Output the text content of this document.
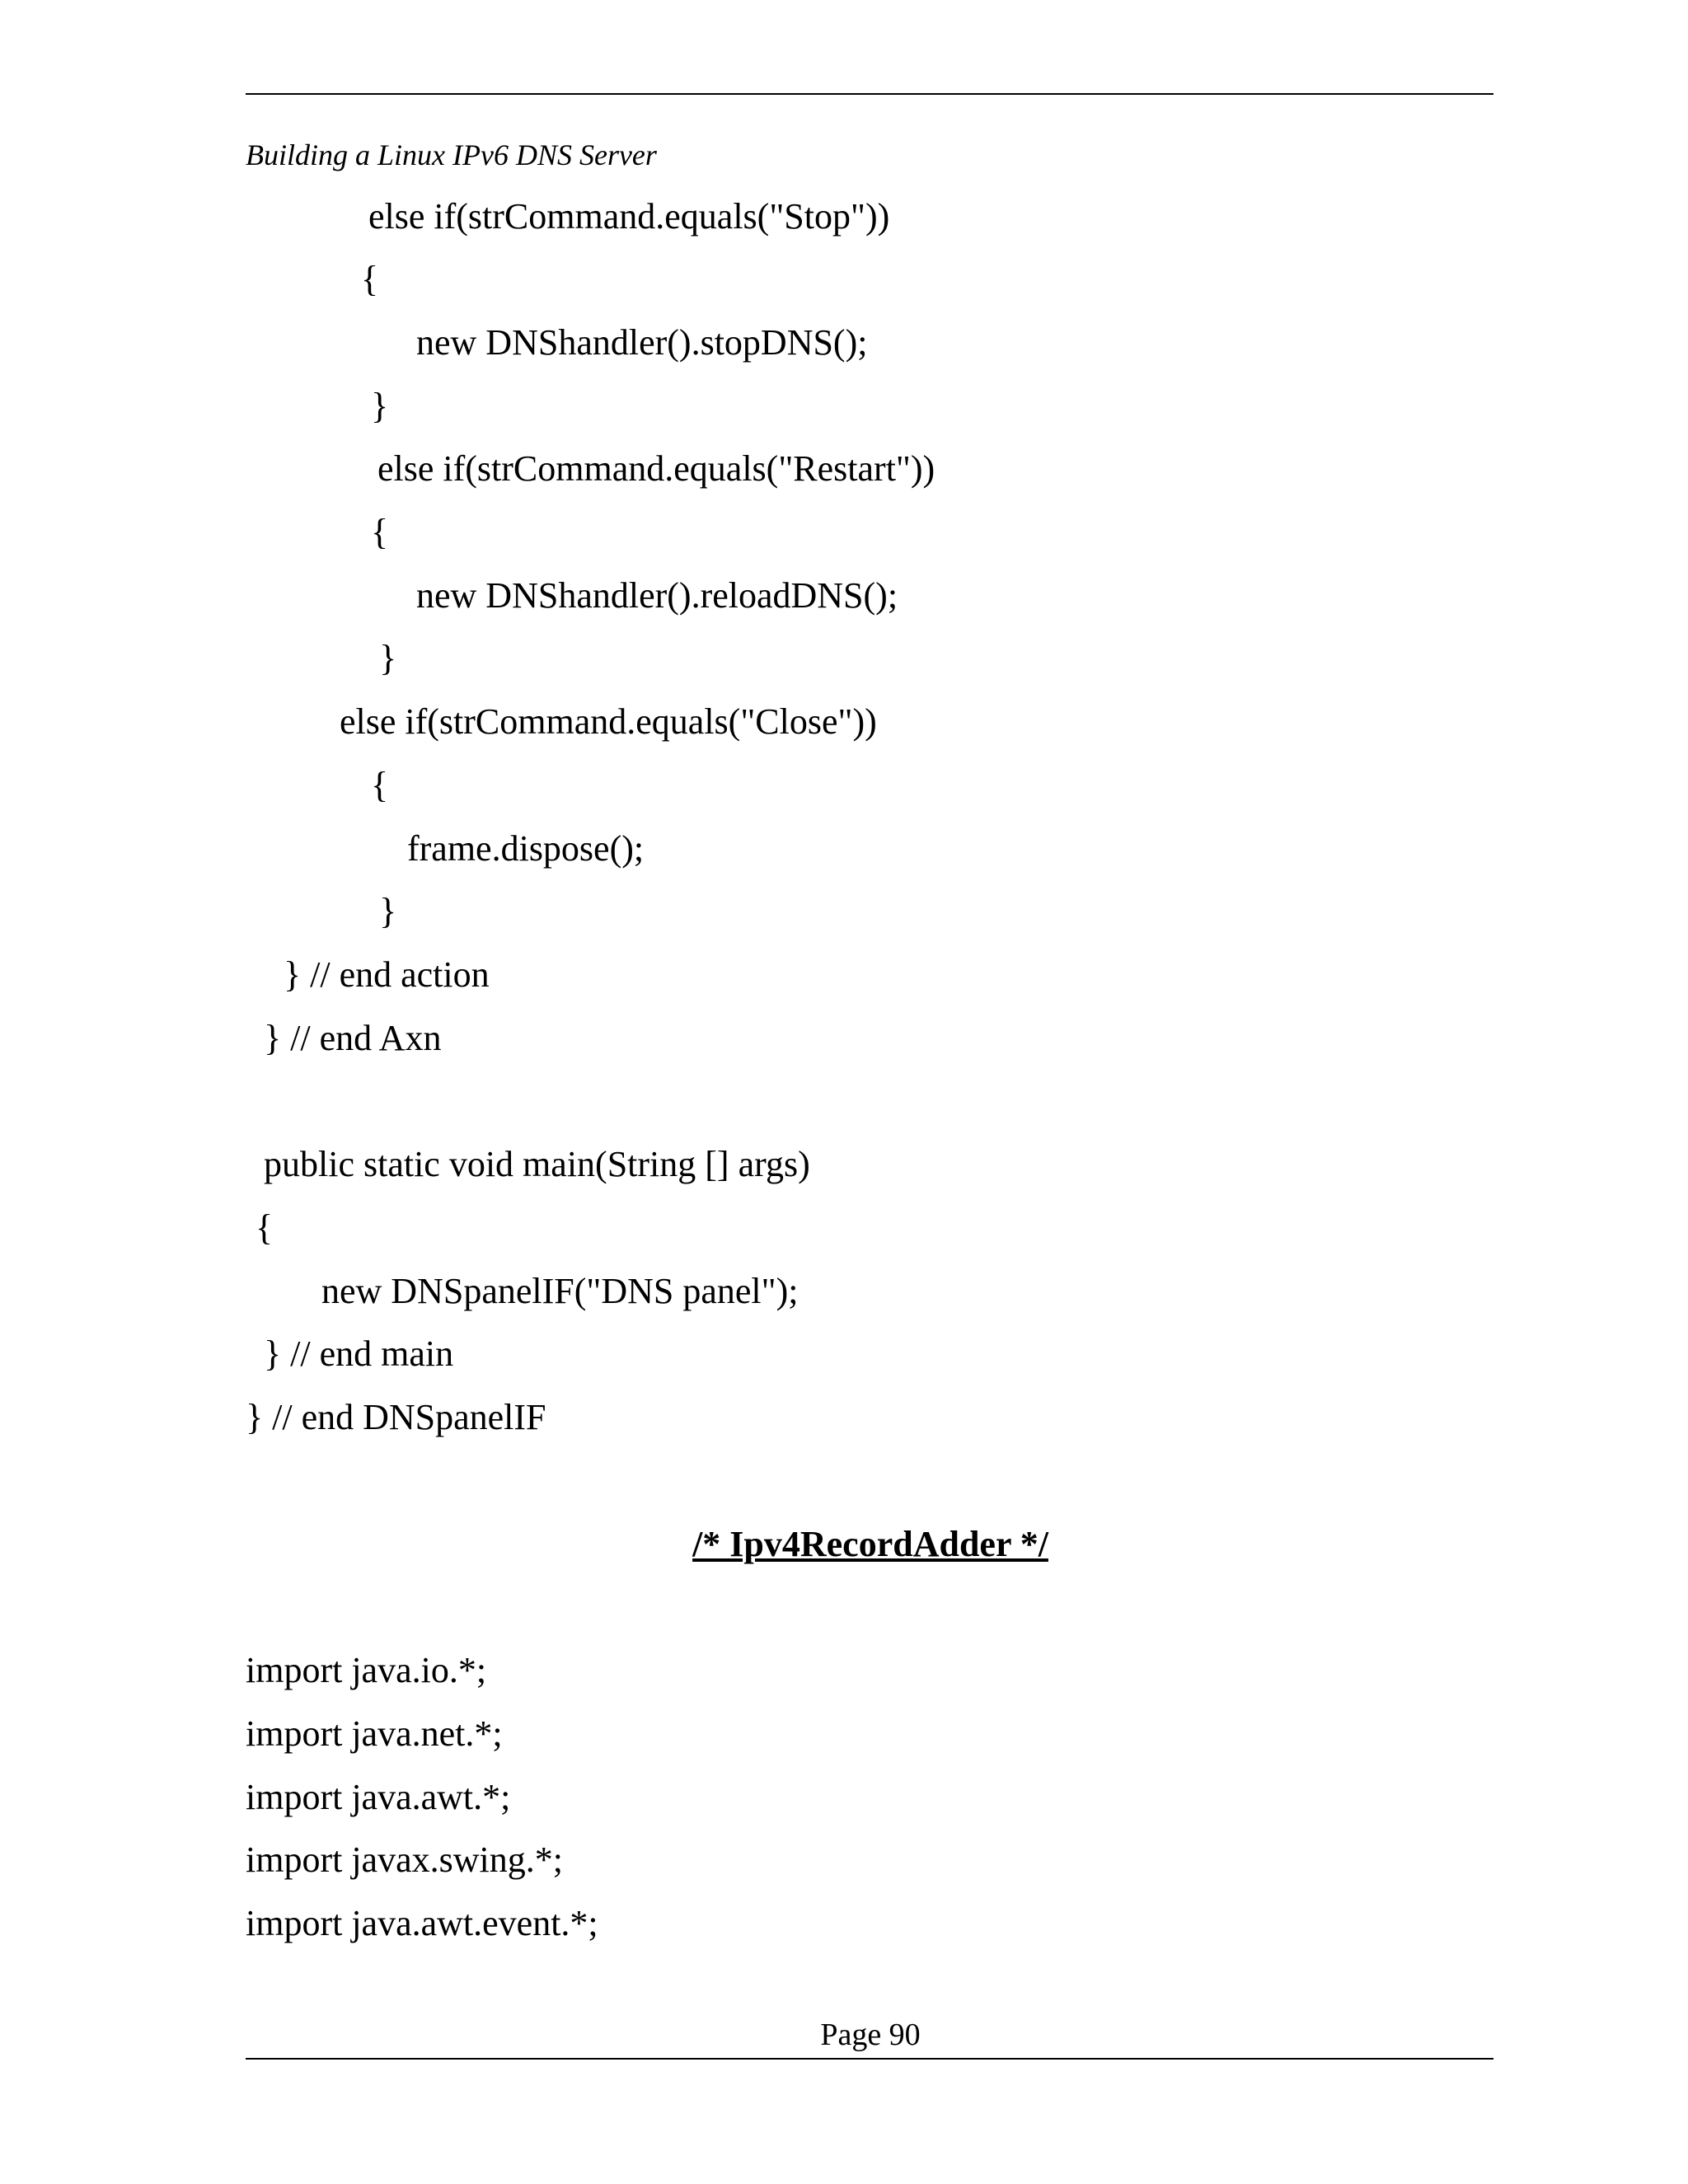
Building a Linux IPv6 DNS Server
else if(strCommand.equals("Stop"))
{
new DNShandler().stopDNS();
}
else if(strCommand.equals("Restart"))
{
new DNShandler().reloadDNS();
}
else if(strCommand.equals("Close"))
{
frame.dispose();
}
} // end action
} // end Axn
public static void main(String [] args)
{
new DNSpanelIF("DNS panel");
} // end main
} // end DNSpanelIF
/* Ipv4RecordAdder */
import java.io.*;
import java.net.*;
import java.awt.*;
import javax.swing.*;
import java.awt.event.*;
Page 90
